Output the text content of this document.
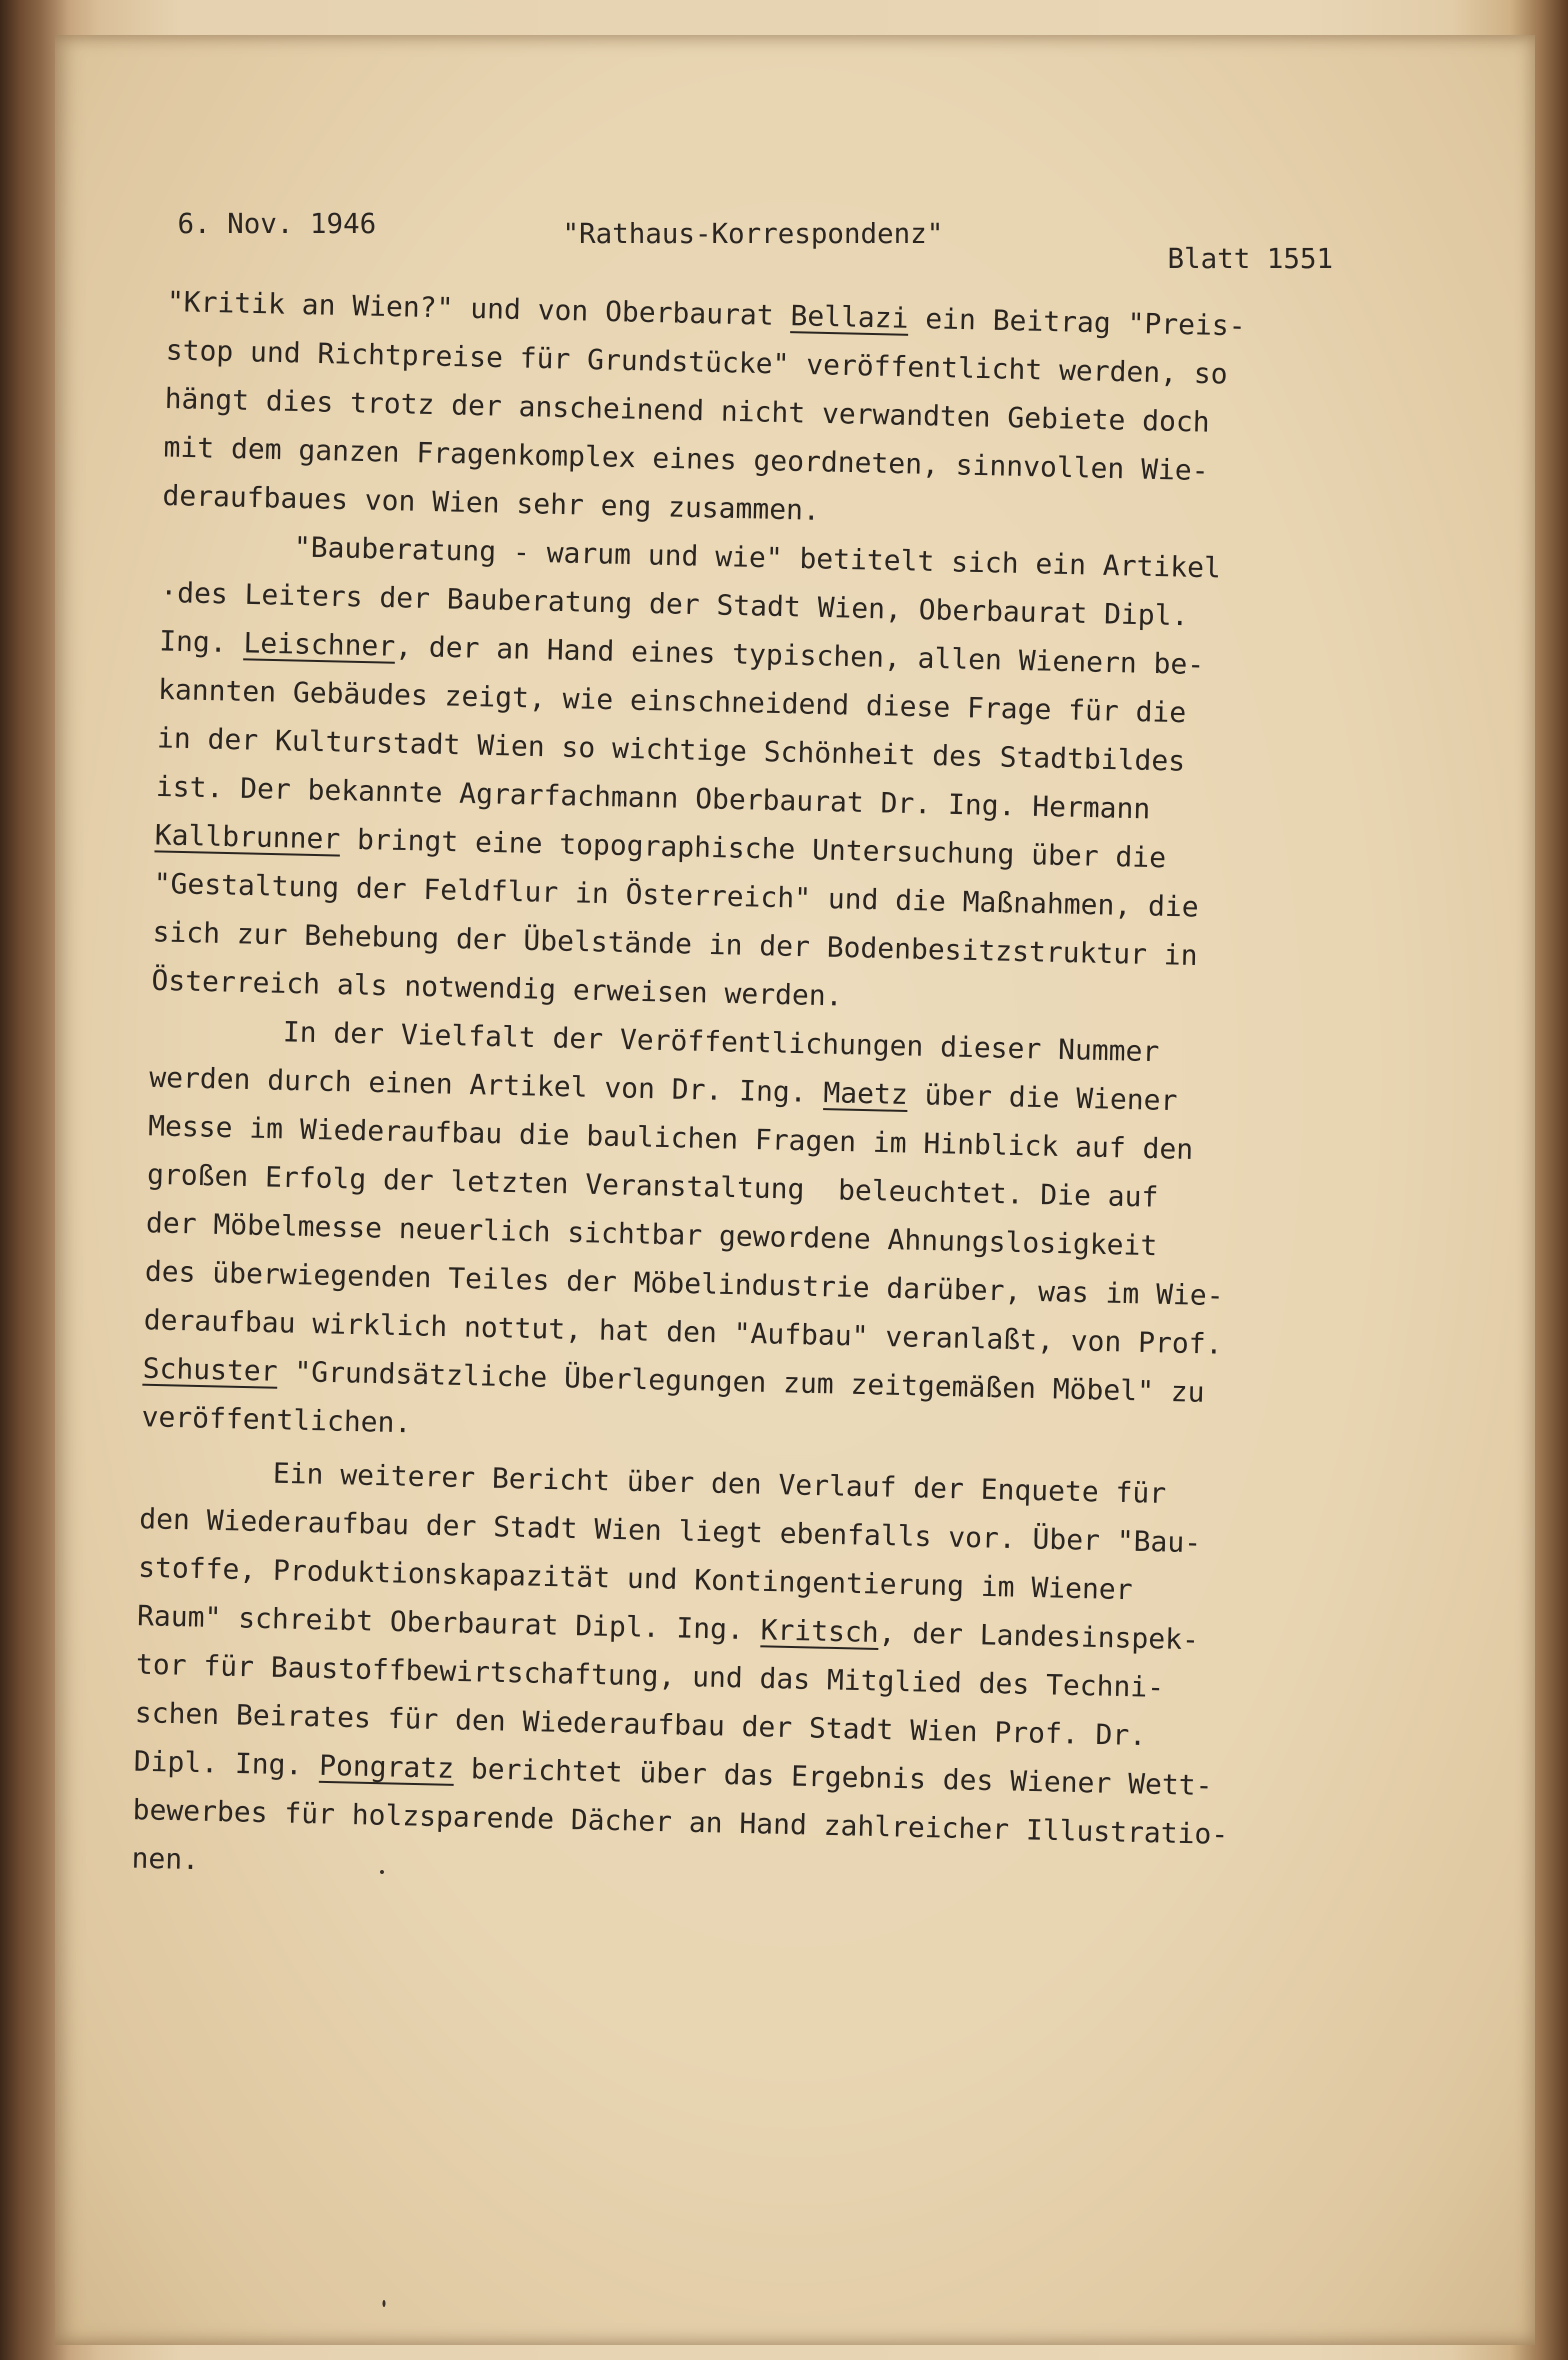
6. Nov. 1946	"Rathaus-Korrespondenz"
Blatt 1551
"Kritik an Wien?" und von Oberbaurat Bellazi ein Beitrag "Preis-
stop und Richtpreise für Grundstücke" veröffentlicht werden, so
hängt dies trotz der anscheinend nicht verwandten Gebiete doch
mit dem ganzen Fragenkomplex eines geordneten, sinnvollen Wie-
deraufbaues von Wien sehr eng zusammen.
"Bauberatung - warum und wie" betitelt sich ein Artikel
·des Leiters der Bauberatung der Stadt Wien, Oberbaurat Dipl.
Ing. Leischner, der an Hand eines typischen, allen Wienern be-
kannten Gebäudes zeigt, wie einschneidend diese Frage für die
in der Kulturstadt Wien so wichtige Schönheit des Stadtbildes
ist. Der bekannte Agrarfachmann Oberbaurat Dr. Ing. Hermann
Kallbrunner bringt eine topographische Untersuchung über die
"Gestaltung der Feldflur in Österreich" und die Maßnahmen, die
sich zur Behebung der Übelstände in der Bodenbesitzstruktur in
Österreich als notwendig erweisen werden.
In der Vielfalt der Veröffentlichungen dieser Nummer
werden durch einen Artikel von Dr. Ing. Maetz über die Wiener
Messe im Wiederaufbau die baulichen Fragen im Hinblick auf den
großen Erfolg der letzten Veranstaltung  beleuchtet. Die auf
der Möbelmesse neuerlich sichtbar gewordene Ahnungslosigkeit
des überwiegenden Teiles der Möbelindustrie darüber, was im Wie-
deraufbau wirklich nottut, hat den "Aufbau" veranlaßt, von Prof.
Schuster "Grundsätzliche Überlegungen zum zeitgemäßen Möbel" zu
veröffentlichen.
Ein weiterer Bericht über den Verlauf der Enquete für
den Wiederaufbau der Stadt Wien liegt ebenfalls vor. Über "Bau-
stoffe, Produktionskapazität und Kontingentierung im Wiener
Raum" schreibt Oberbaurat Dipl. Ing. Kritsch, der Landesinspek-
tor für Baustoffbewirtschaftung, und das Mitglied des Techni-
schen Beirates für den Wiederaufbau der Stadt Wien Prof. Dr.
Dipl. Ing. Pongratz berichtet über das Ergebnis des Wiener Wett-
bewerbes für holzsparende Dächer an Hand zahlreicher Illustratio-
nen.
